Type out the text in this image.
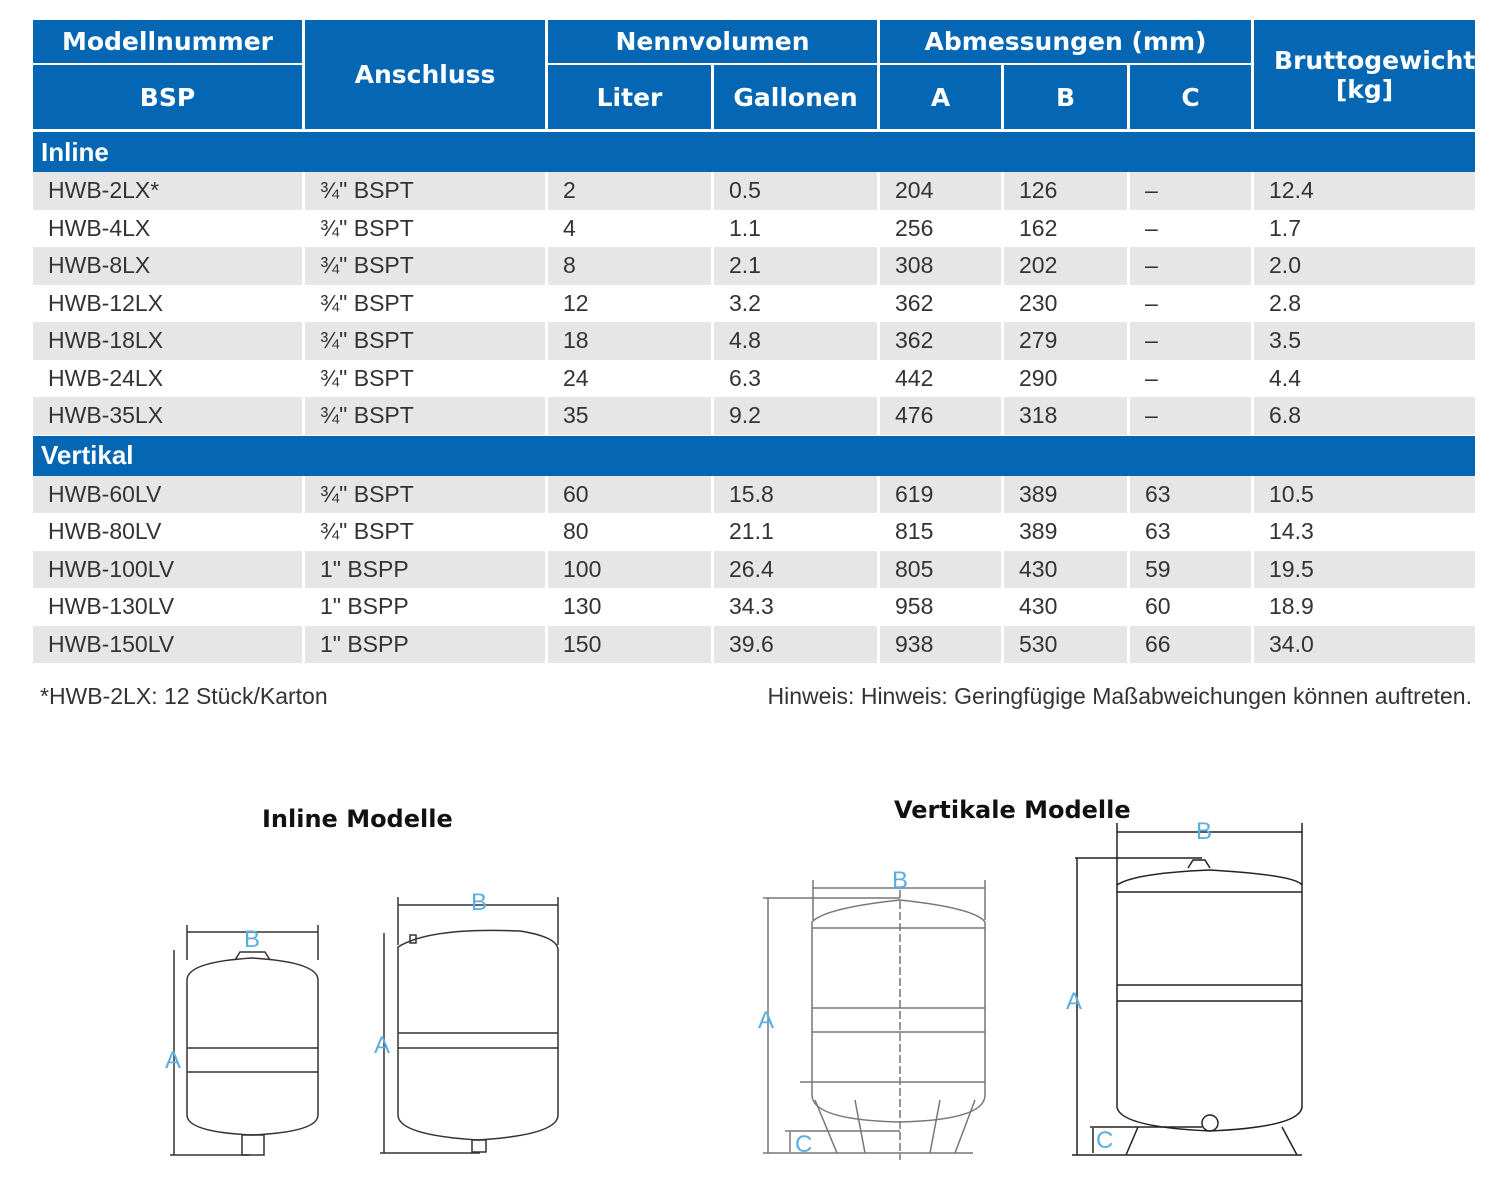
Modellnummer	Anschluss	Nennvolumen		Abmessungen (mm)			Bruttogewicht [kg]
BSP		Liter	Gallonen	A	B	C	
Inline							
HWB-2LX*	¾" BSPT	2	0.5	204	126	–	12.4
HWB-4LX	¾" BSPT	4	1.1	256	162	–	1.7
HWB-8LX	¾" BSPT	8	2.1	308	202	–	2.0
HWB-12LX	¾" BSPT	12	3.2	362	230	–	2.8
HWB-18LX	¾" BSPT	18	4.8	362	279	–	3.5
HWB-24LX	¾" BSPT	24	6.3	442	290	–	4.4
HWB-35LX	¾" BSPT	35	9.2	476	318	–	6.8
Vertikal							
HWB-60LV	¾" BSPT	60	15.8	619	389	63	10.5
HWB-80LV	¾" BSPT	80	21.1	815	389	63	14.3
HWB-100LV	1" BSPP	100	26.4	805	430	59	19.5
HWB-130LV	1" BSPP	130	34.3	958	430	60	18.9
HWB-150LV	1" BSPP	150	39.6	938	530	66	34.0
*HWB-2LX: 12 Stück/Karton	Hinweis: Hinweis: Geringfügige Maßabweichungen können auftreten.
Inline Modelle	Vertikale Modelle
B
A
B
A
B
A
C
B
A
C
